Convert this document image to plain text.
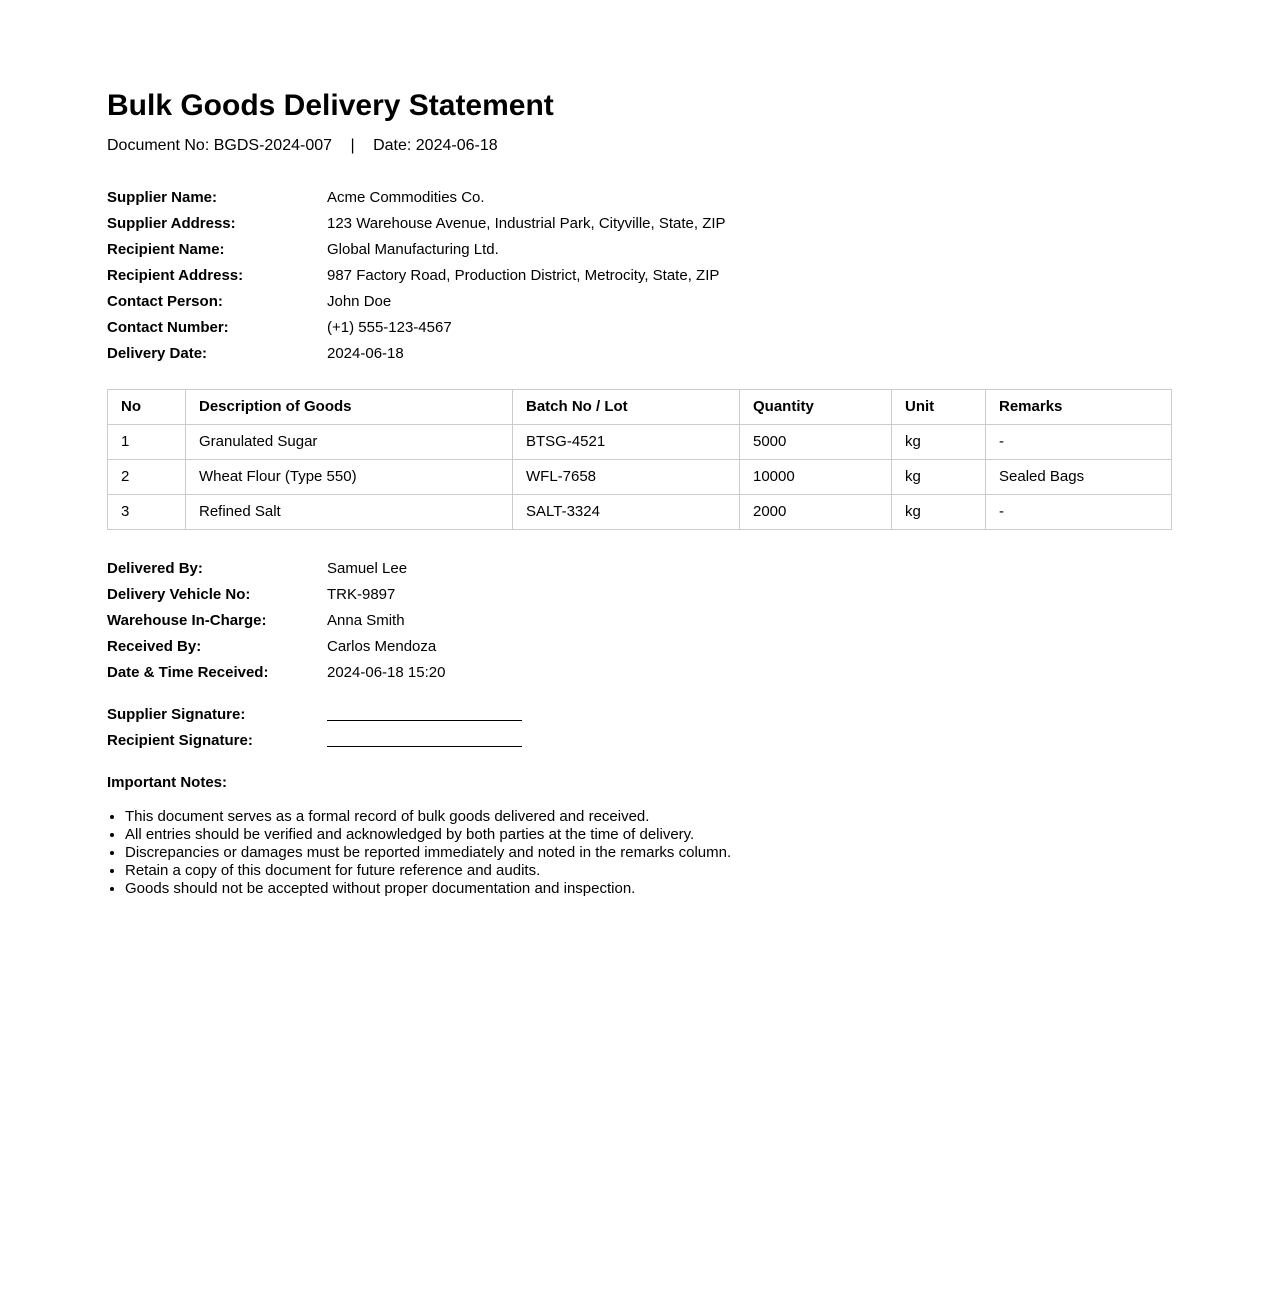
Bulk Goods Delivery Statement
Document No: BGDS-2024-007 | Date: 2024-06-18
Supplier Name:	Acme Commodities Co.
Supplier Address:	123 Warehouse Avenue, Industrial Park, Cityville, State, ZIP
Recipient Name:	Global Manufacturing Ltd.
Recipient Address:	987 Factory Road, Production District, Metrocity, State, ZIP
Contact Person:	John Doe
Contact Number:	(+1) 555-123-4567
Delivery Date:	2024-06-18
No	Description of Goods	Batch No / Lot	Quantity	Unit	Remarks
1	Granulated Sugar	BTSG-4521	5000	kg	-
2	Wheat Flour (Type 550)	WFL-7658	10000	kg	Sealed Bags
3	Refined Salt	SALT-3324	2000	kg	-
Delivered By:	Samuel Lee
Delivery Vehicle No:	TRK-9897
Warehouse In-Charge:	Anna Smith
Received By:	Carlos Mendoza
Date & Time Received:	2024-06-18 15:20
Supplier Signature:
Recipient Signature:
Important Notes:
• This document serves as a formal record of bulk goods delivered and received.
• All entries should be verified and acknowledged by both parties at the time of delivery.
• Discrepancies or damages must be reported immediately and noted in the remarks column.
• Retain a copy of this document for future reference and audits.
• Goods should not be accepted without proper documentation and inspection.
